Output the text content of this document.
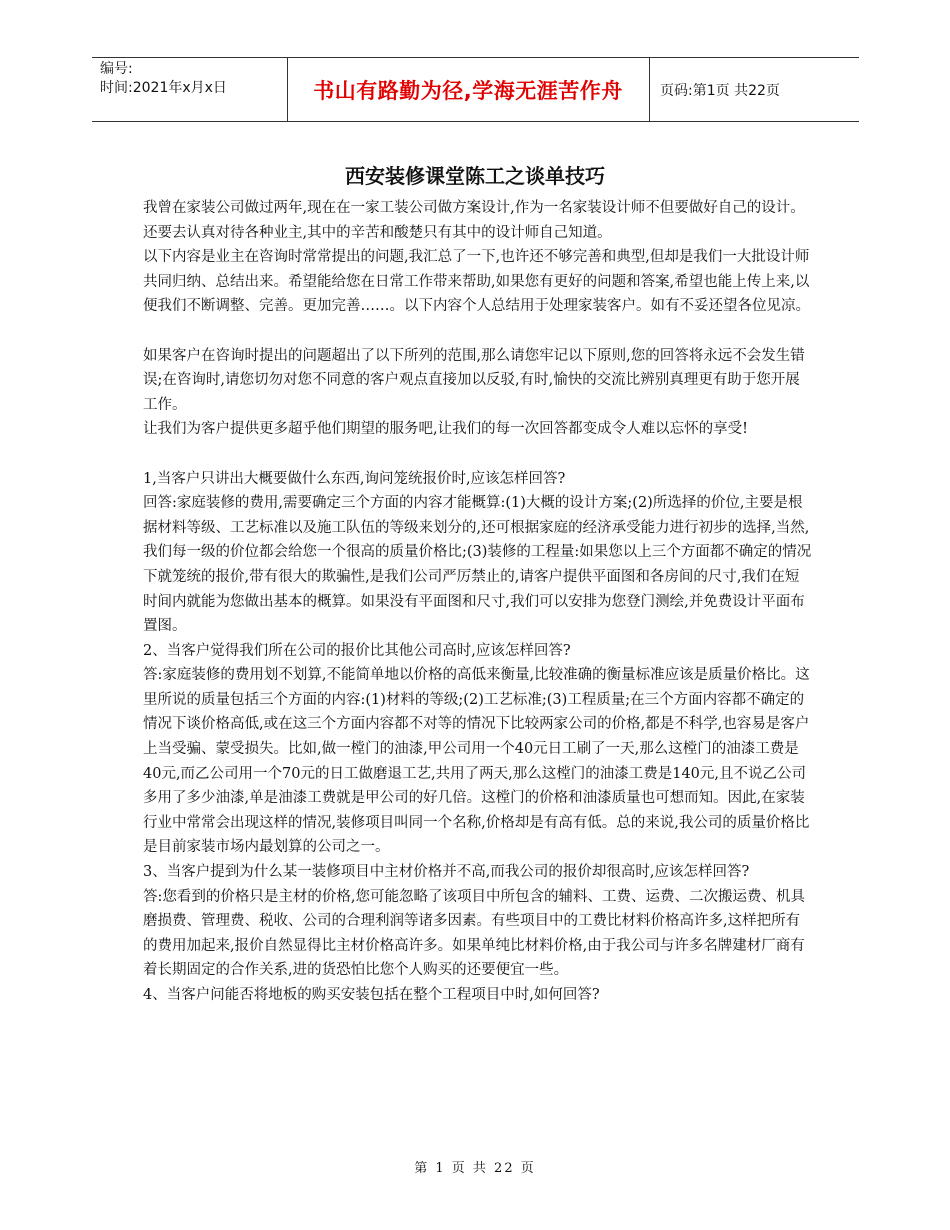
编号:
时间:2021年x月x日	书山有路勤为径,学海无涯苦作舟	页码:第1页 共22页
西安装修课堂陈工之谈单技巧

我曾在家装公司做过两年,现在在一家工装公司做方案设计,作为一名家装设计师不但要做好自己的设计。还要去认真对待各种业主,其中的辛苦和酸楚只有其中的设计师自己知道。

以下内容是业主在咨询时常常提出的问题,我汇总了一下,也许还不够完善和典型,但却是我们一大批设计师共同归纳、总结出来。希望能给您在日常工作带来帮助,如果您有更好的问题和答案,希望也能上传上来,以便我们不断调整、完善。更加完善……。以下内容个人总结用于处理家装客户。如有不妥还望各位见凉。

如果客户在咨询时提出的问题超出了以下所列的范围,那么请您牢记以下原则,您的回答将永远不会发生错误;在咨询时,请您切勿对您不同意的客户观点直接加以反驳,有时,愉快的交流比辨别真理更有助于您开展工作。

让我们为客户提供更多超乎他们期望的服务吧,让我们的每一次回答都变成令人难以忘怀的享受!

1,当客户只讲出大概要做什么东西,询问笼统报价时,应该怎样回答?

回答:家庭装修的费用,需要确定三个方面的内容才能概算:(1)大概的设计方案;(2)所选择的价位,主要是根据材料等级、工艺标准以及施工队伍的等级来划分的,还可根据家庭的经济承受能力进行初步的选择,当然,我们每一级的价位都会给您一个很高的质量价格比;(3)装修的工程量:如果您以上三个方面都不确定的情况下就笼统的报价,带有很大的欺骗性,是我们公司严厉禁止的,请客户提供平面图和各房间的尺寸,我们在短时间内就能为您做出基本的概算。如果没有平面图和尺寸,我们可以安排为您登门测绘,并免费设计平面布置图。

2、当客户觉得我们所在公司的报价比其他公司高时,应该怎样回答?

答:家庭装修的费用划不划算,不能简单地以价格的高低来衡量,比较准确的衡量标准应该是质量价格比。这里所说的质量包括三个方面的内容:(1)材料的等级;(2)工艺标准;(3)工程质量;在三个方面内容都不确定的情况下谈价格高低,或在这三个方面内容都不对等的情况下比较两家公司的价格,都是不科学,也容易是客户上当受骗、蒙受损失。比如,做一樘门的油漆,甲公司用一个40元日工刷了一天,那么这樘门的油漆工费是40元,而乙公司用一个70元的日工做磨退工艺,共用了两天,那么这樘门的油漆工费是140元,且不说乙公司多用了多少油漆,单是油漆工费就是甲公司的好几倍。这樘门的价格和油漆质量也可想而知。因此,在家装行业中常常会出现这样的情况,装修项目叫同一个名称,价格却是有高有低。总的来说,我公司的质量价格比是目前家装市场内最划算的公司之一。

3、当客户提到为什么某一装修项目中主材价格并不高,而我公司的报价却很高时,应该怎样回答?

答:您看到的价格只是主材的价格,您可能忽略了该项目中所包含的辅料、工费、运费、二次搬运费、机具磨损费、管理费、税收、公司的合理利润等诸多因素。有些项目中的工费比材料价格高许多,这样把所有的费用加起来,报价自然显得比主材价格高许多。如果单纯比材料价格,由于我公司与许多名牌建材厂商有着长期固定的合作关系,进的货恐怕比您个人购买的还要便宜一些。

4、当客户问能否将地板的购买安装包括在整个工程项目中时,如何回答?

第 1 页 共 22 页
